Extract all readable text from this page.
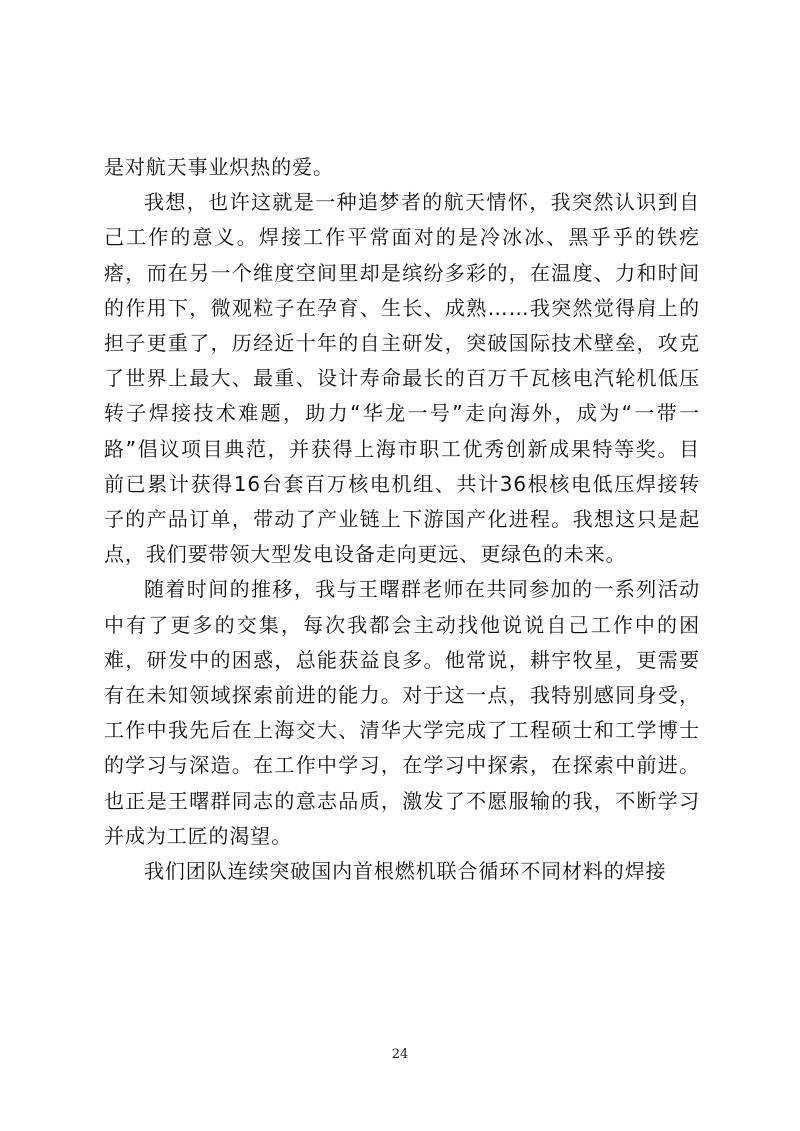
是对航天事业炽热的爱。

我想，也许这就是一种追梦者的航天情怀，我突然认识到自己工作的意义。焊接工作平常面对的是冷冰冰、黑乎乎的铁疙瘩，而在另一个维度空间里却是缤纷多彩的，在温度、力和时间的作用下，微观粒子在孕育、生长、成熟……我突然觉得肩上的担子更重了，历经近十年的自主研发，突破国际技术壁垒，攻克了世界上最大、最重、设计寿命最长的百万千瓦核电汽轮机低压转子焊接技术难题，助力“华龙一号”走向海外，成为“一带一路”倡议项目典范，并获得上海市职工优秀创新成果特等奖。目前已累计获得16台套百万核电机组、共计36根核电低压焊接转子的产品订单，带动了产业链上下游国产化进程。我想这只是起点，我们要带领大型发电设备走向更远、更绿色的未来。

随着时间的推移，我与王曙群老师在共同参加的一系列活动中有了更多的交集，每次我都会主动找他说说自己工作中的困难，研发中的困惑，总能获益良多。他常说，耕宇牧星，更需要有在未知领域探索前进的能力。对于这一点，我特别感同身受，工作中我先后在上海交大、清华大学完成了工程硕士和工学博士的学习与深造。在工作中学习，在学习中探索，在探索中前进。也正是王曙群同志的意志品质，激发了不愿服输的我，不断学习并成为工匠的渴望。

我们团队连续突破国内首根燃机联合循环不同材料的焊接

24
